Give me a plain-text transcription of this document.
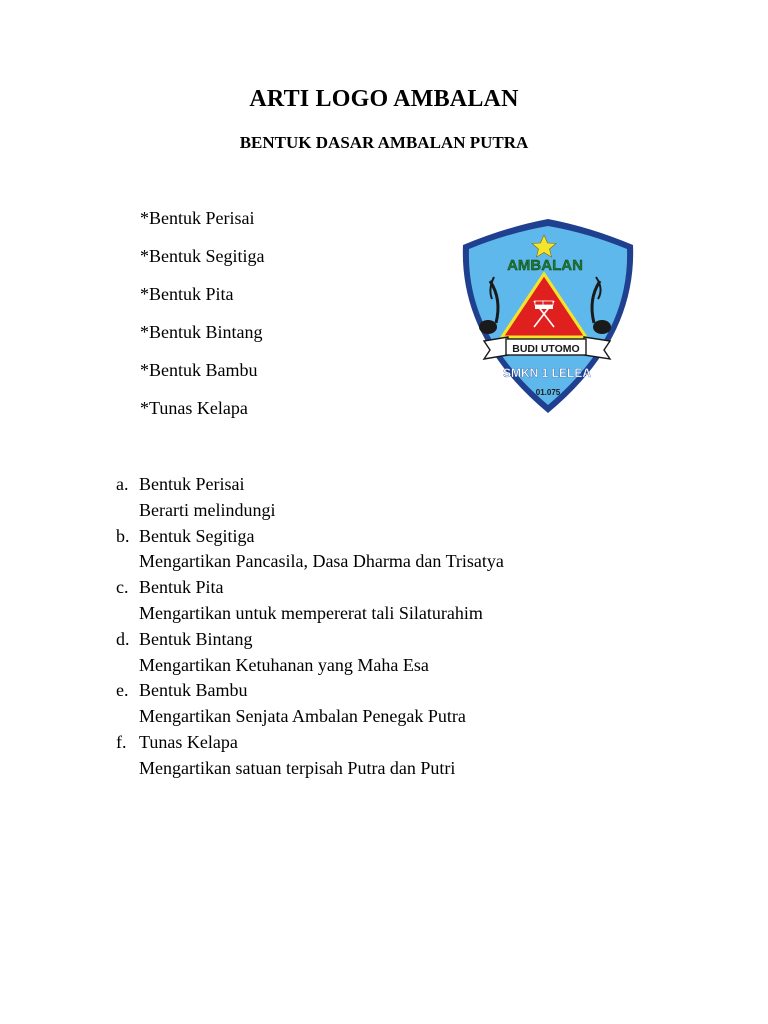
ARTI LOGO AMBALAN
BENTUK DASAR AMBALAN PUTRA
*Bentuk Perisai
*Bentuk Segitiga
*Bentuk Pita
*Bentuk Bintang
*Bentuk Bambu
*Tunas Kelapa
AMBALAN
BUDI UTOMO
SMKN 1 LELEA
01.075
a. Bentuk Perisai
Berarti melindungi
b. Bentuk Segitiga
Mengartikan Pancasila, Dasa Dharma dan Trisatya
c. Bentuk Pita
Mengartikan untuk mempererat tali Silaturahim
d. Bentuk Bintang
Mengartikan Ketuhanan yang Maha Esa
e. Bentuk Bambu
Mengartikan Senjata Ambalan Penegak Putra
f. Tunas Kelapa
Mengartikan satuan terpisah Putra dan Putri
